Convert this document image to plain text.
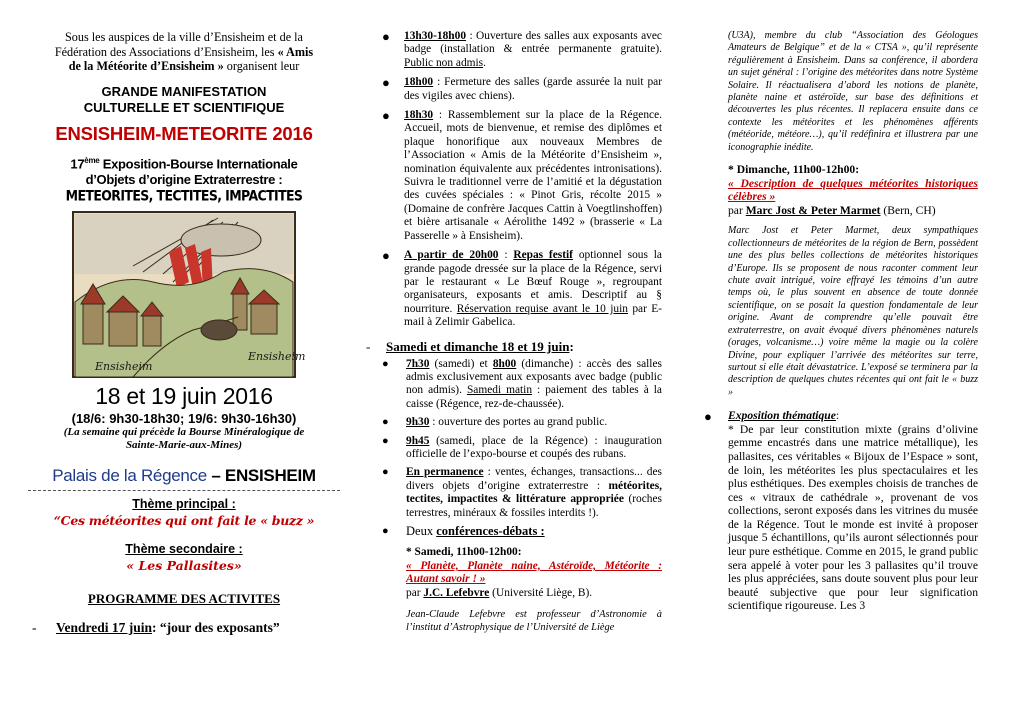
Sous les auspices de la ville d’Ensisheim et de la
Fédération des Associations d’Ensisheim, les « Amis
de la Météorite d’Ensisheim » organisent leur
GRANDE MANIFESTATION
CULTURELLE ET SCIENTIFIQUE
ENSISHEIM-METEORITE 2016
17ème Exposition-Bourse Internationale
d’Objets d’origine Extraterrestre :
METEORITES, TECTITES, IMPACTITES
Ensisheim
Ensisheim
18 et 19 juin 2016
(18/6: 9h30-18h30; 19/6: 9h30-16h30)
(La semaine qui précède la Bourse Minéralogique de
Sainte-Marie-aux-Mines)
Palais de la Régence – ENSISHEIM
Thème principal :
“Ces météorites qui ont fait le « buzz »
Thème secondaire :
« Les Pallasites»
PROGRAMME DES ACTIVITES
- Vendredi 17 juin: “jour des exposants”
● 13h30-18h00 : Ouverture des salles aux exposants avec badge (installation & entrée permanente gratuite). Public non admis.
● 18h00 : Fermeture des salles (garde assurée la nuit par des vigiles avec chiens).
● 18h30 : Rassemblement sur la place de la Régence. Accueil, mots de bienvenue, et remise des diplômes et plaque honorifique aux nouveaux Membres de l’Association « Amis de la Météorite d’Ensisheim », nomination équivalente aux précédentes intronisations). Suivra le traditionnel verre de l’amitié et la dégustation des cuvées spéciales : « Pinot Gris, récolte 2015 » (Domaine de confrère Jacques Cattin à Voegtlinshoffen) et bière artisanale « Aérolithe 1492 » (brasserie « La Passerelle » à Ensisheim).
● A partir de 20h00 : Repas festif optionnel sous la grande pagode dressée sur la place de la Régence, servi par le restaurant « Le Bœuf Rouge », regroupant organisateurs, exposants et amis. Descriptif au § nourriture. Réservation requise avant le 10 juin par E-mail à Zelimir Gabelica.
- Samedi et dimanche 18 et 19 juin:
● 7h30 (samedi) et 8h00 (dimanche) : accès des salles admis exclusivement aux exposants avec badge (public non admis). Samedi matin : paiement des tables à la caisse (Régence, rez-de-chaussée).
● 9h30 : ouverture des portes au grand public.
● 9h45 (samedi, place de la Régence) : inauguration officielle de l’expo-bourse et coupés des rubans.
● En permanence : ventes, échanges, transactions... des divers objets d’origine extraterrestre : météorites, tectites, impactites & littérature appropriée (roches terrestres, minéraux & fossiles interdits !).
● Deux conférences-débats :
* Samedi, 11h00-12h00:
« Planète, Planète naine, Astéroïde, Météorite : Autant savoir ! »
par J.C. Lefebvre (Université Liège, B).
Jean-Claude Lefebvre est professeur d’Astronomie à l’institut d’Astrophysique de l’Université de Liège
(U3A), membre du club “Association des Géologues Amateurs de Belgique” et de la « CTSA », qu’il représente régulièrement à Ensisheim. Dans sa conférence, il abordera un sujet général : l’origine des météorites dans notre Système Solaire. Il réactualisera d’abord les notions de planète, planète naine et astéroïde, sur base des définitions et découvertes les plus récentes. Il replacera ensuite dans ce contexte les météorites et les phénomènes afférents (météoride, météore…), qu’il redéfinira et illustrera par une iconographie inédite.
* Dimanche, 11h00-12h00:
« Description de quelques météorites historiques célèbres »
par Marc Jost & Peter Marmet (Bern, CH)
Marc Jost et Peter Marmet, deux sympathiques collectionneurs de météorites de la région de Bern, possèdent une des plus belles collections de météorites historiques d’Europe. Ils se proposent de nous raconter comment leur chute avait intrigué, voire effrayé les témoins d’un autre temps où, le plus souvent en absence de toute donnée scientifique, on se posait la question fondamentale de leur origine. Avant de comprendre qu’elle pouvait être extraterrestre, on avait évoqué divers phénomènes naturels (orages, volcanisme…) voire même la magie ou la colère Divine, pour expliquer l’arrivée des météorites sur terre, surtout si elle était dévastatrice. L’exposé se terminera par la description de quelques chutes récentes qui ont fait le « buzz »
● Exposition thématique:
* De par leur constitution mixte (grains d’olivine gemme encastrés dans une matrice métallique), les pallasites, ces véritables « Bijoux de l’Espace » sont, de loin, les météorites les plus spectaculaires et les plus esthétiques. Des exemples choisis de tranches de ces « vitraux de cathédrale », provenant de vos collections, seront exposés dans les vitrines du musée de la Régence. Tout le monde est invité à proposer jusque 5 échantillons, qu’ils auront sélectionnés pour leur pure esthétique. Comme en 2015, le grand public sera appelé à voter pour les 3 pallasites qu’il trouve les plus appréciées, sans doute souvent plus pour leur beauté subjective que pour leur signification scientifique rigoureuse. Les 3
